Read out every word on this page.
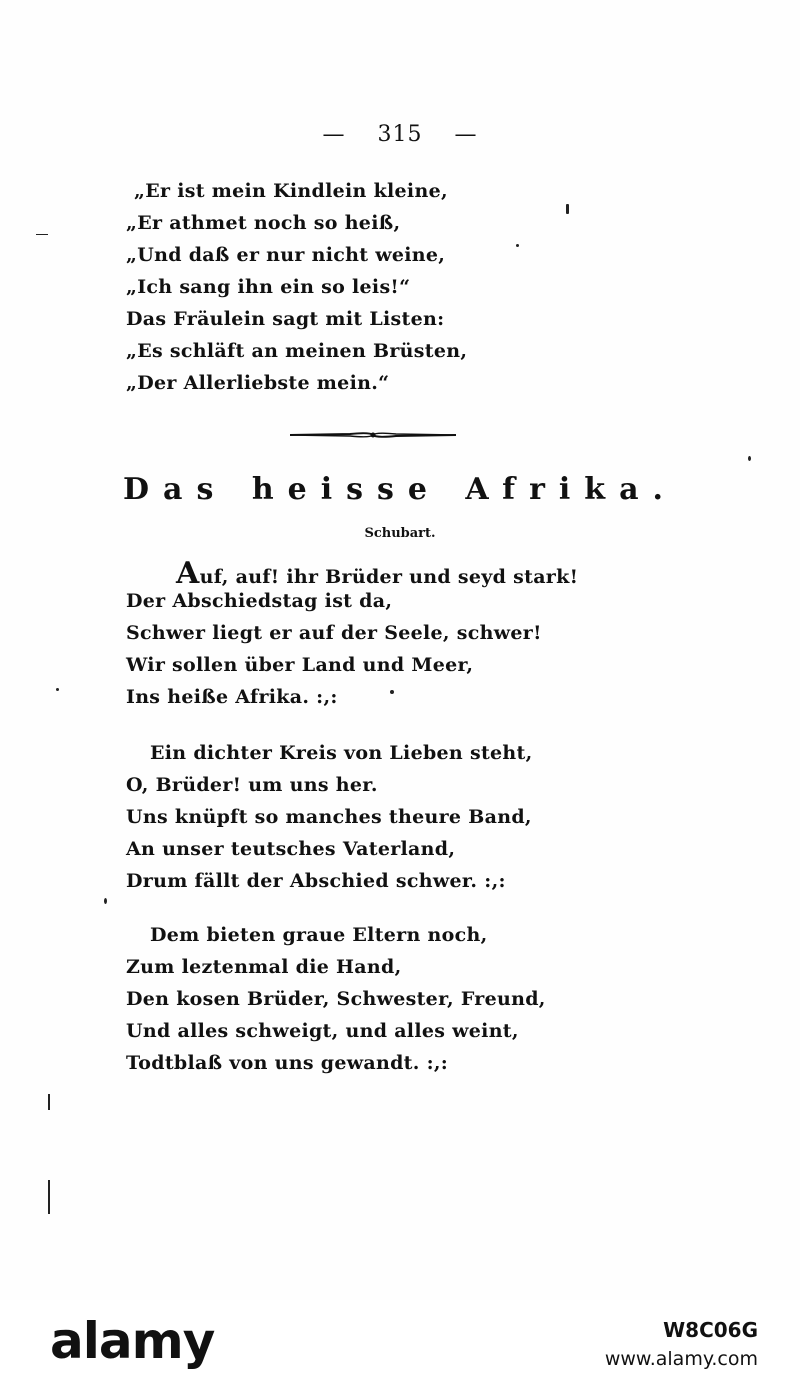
— 315 —
„Er ist mein Kindlein kleine,
„Er athmet noch so heiß,
„Und daß er nur nicht weine,
„Ich sang ihn ein so leis!“
Das Fräulein sagt mit Listen:
„Es schläft an meinen Brüsten,
„Der Allerliebste mein.“
Das heisse Afrika.
Schubart.
Auf, auf! ihr Brüder und seyd stark!
Der Abschiedstag ist da,
Schwer liegt er auf der Seele, schwer!
Wir sollen über Land und Meer,
Ins heiße Afrika. :,:
Ein dichter Kreis von Lieben steht,
O, Brüder! um uns her.
Uns knüpft so manches theure Band,
An unser teutsches Vaterland,
Drum fällt der Abschied schwer. :,:
Dem bieten graue Eltern noch,
Zum leztenmal die Hand,
Den kosen Brüder, Schwester, Freund,
Und alles schweigt, und alles weint,
Todtblaß von uns gewandt. :,:
alamy	W8C06G
www.alamy.com
